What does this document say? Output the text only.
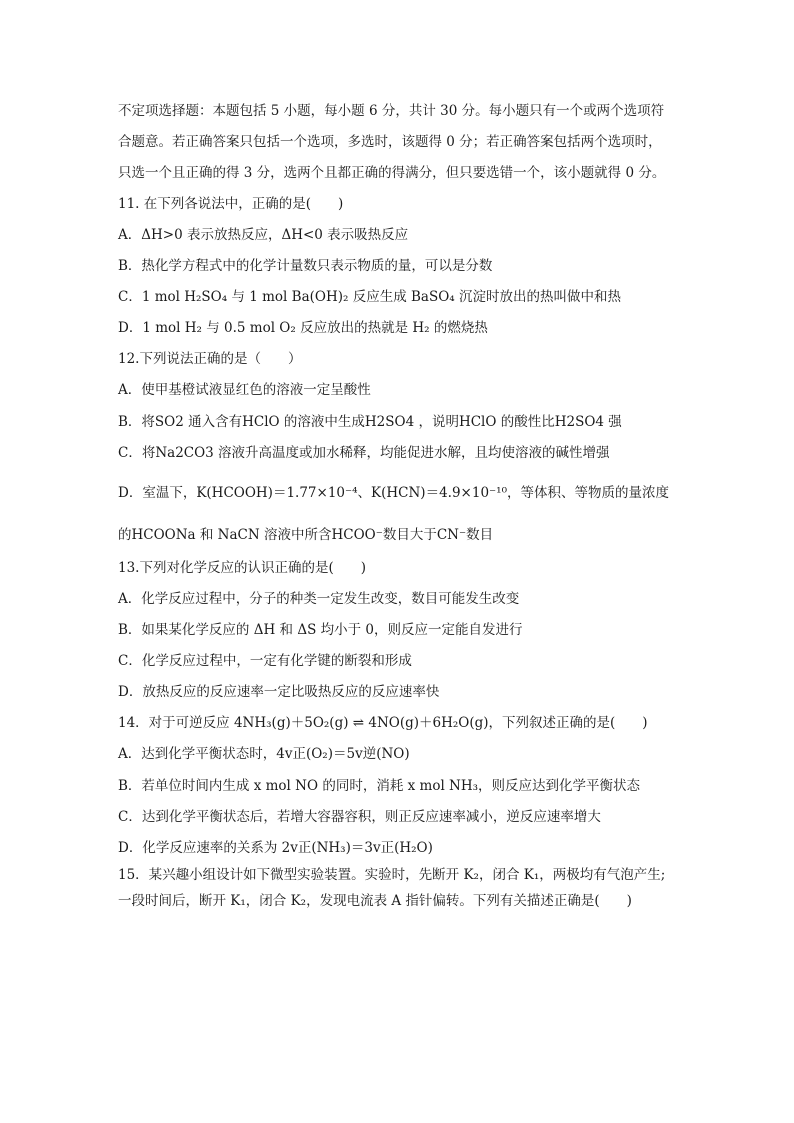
不定项选择题：本题包括 5 小题，每小题 6 分，共计 30 分。每小题只有一个或两个选项符
合题意。若正确答案只包括一个选项，多选时，该题得 0 分；若正确答案包括两个选项时，
只选一个且正确的得 3 分，选两个且都正确的得满分，但只要选错一个，该小题就得 0 分。
11. 在下列各说法中，正确的是(　　)
A．ΔH>0 表示放热反应，ΔH<0 表示吸热反应
B．热化学方程式中的化学计量数只表示物质的量，可以是分数
C．1 mol H₂SO₄ 与 1 mol Ba(OH)₂ 反应生成 BaSO₄ 沉淀时放出的热叫做中和热
D．1 mol H₂ 与 0.5 mol O₂ 反应放出的热就是 H₂ 的燃烧热
12.下列说法正确的是（　　）
A．使甲基橙试液显红色的溶液一定呈酸性
B．将SO2 通入含有HClO 的溶液中生成H2SO4 ，说明HClO 的酸性比H2SO4 强
C．将Na2CO3 溶液升高温度或加水稀释，均能促进水解，且均使溶液的碱性增强
D．室温下，K(HCOOH)＝1.77×10⁻⁴、K(HCN)＝4.9×10⁻¹⁰，等体积、等物质的量浓度
的HCOONa 和 NaCN 溶液中所含HCOO⁻数目大于CN⁻数目
13.下列对化学反应的认识正确的是(　　)
A．化学反应过程中，分子的种类一定发生改变，数目可能发生改变
B．如果某化学反应的 ΔH 和 ΔS 均小于 0，则反应一定能自发进行
C．化学反应过程中，一定有化学键的断裂和形成
D．放热反应的反应速率一定比吸热反应的反应速率快
14．对于可逆反应 4NH₃(g)＋5O₂(g) ⇌ 4NO(g)＋6H₂O(g)，下列叙述正确的是(　　)
A．达到化学平衡状态时，4v正(O₂)＝5v逆(NO)
B．若单位时间内生成 x mol NO 的同时，消耗 x mol NH₃，则反应达到化学平衡状态
C．达到化学平衡状态后，若增大容器容积，则正反应速率减小，逆反应速率增大
D．化学反应速率的关系为 2v正(NH₃)＝3v正(H₂O)
15．某兴趣小组设计如下微型实验装置。实验时，先断开 K₂，闭合 K₁，两极均有气泡产生;
一段时间后，断开 K₁，闭合 K₂，发现电流表 A 指针偏转。下列有关描述正确是(　　)
